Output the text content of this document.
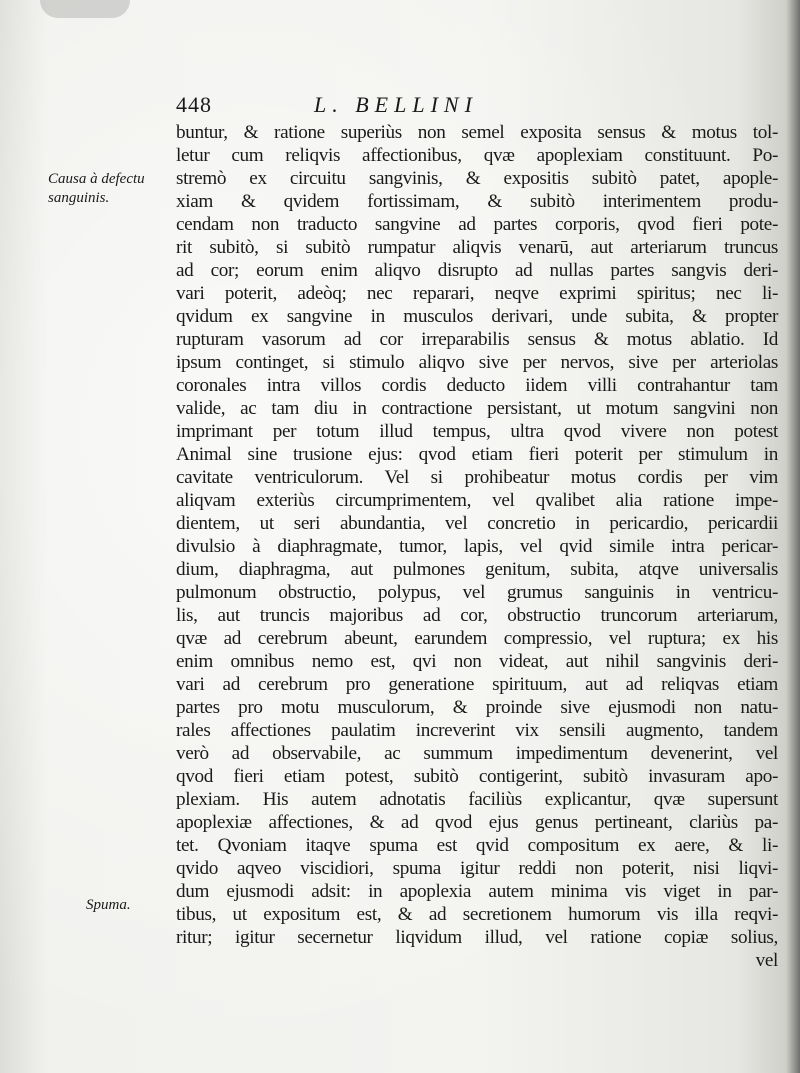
448	L. BELLINI
Causa à defectu
sanguinis.
Spuma.
buntur, & ratione superiùs non semel exposita sensus & motus tol-
letur cum reliqvis affectionibus, qvæ apoplexiam constituunt. Po-
stremò ex circuitu sangvinis, & expositis subitò patet, apople-
xiam & qvidem fortissimam, & subitò interimentem produ-
cendam non traducto sangvine ad partes corporis, qvod fieri pote-
rit subitò, si subitò rumpatur aliqvis venarū, aut arteriarum truncus
ad cor; eorum enim aliqvo disrupto ad nullas partes sangvis deri-
vari poterit, adeòq; nec reparari, neqve exprimi spiritus; nec li-
qvidum ex sangvine in musculos derivari, unde subita, & propter
rupturam vasorum ad cor irreparabilis sensus & motus ablatio. Id
ipsum continget, si stimulo aliqvo sive per nervos, sive per arteriolas
coronales intra villos cordis deducto iidem villi contrahantur tam
valide, ac tam diu in contractione persistant, ut motum sangvini non
imprimant per totum illud tempus, ultra qvod vivere non potest
Animal sine trusione ejus: qvod etiam fieri poterit per stimulum in
cavitate ventriculorum. Vel si prohibeatur motus cordis per vim
aliqvam exteriùs circumprimentem, vel qvalibet alia ratione impe-
dientem, ut seri abundantia, vel concretio in pericardio, pericardii
divulsio à diaphragmate, tumor, lapis, vel qvid simile intra pericar-
dium, diaphragma, aut pulmones genitum, subita, atqve universalis
pulmonum obstructio, polypus, vel grumus sanguinis in ventricu-
lis, aut truncis majoribus ad cor, obstructio truncorum arteriarum,
qvæ ad cerebrum abeunt, earundem compressio, vel ruptura; ex his
enim omnibus nemo est, qvi non videat, aut nihil sangvinis deri-
vari ad cerebrum pro generatione spirituum, aut ad reliqvas etiam
partes pro motu musculorum, & proinde sive ejusmodi non natu-
rales affectiones paulatim increverint vix sensili augmento, tandem
verò ad observabile, ac summum impedimentum devenerint, vel
qvod fieri etiam potest, subitò contigerint, subitò invasuram apo-
plexiam. His autem adnotatis faciliùs explicantur, qvæ supersunt
apoplexiæ affectiones, & ad qvod ejus genus pertineant, clariùs pa-
tet. Qvoniam itaqve spuma est qvid compositum ex aere, & li-
qvido aqveo viscidiori, spuma igitur reddi non poterit, nisi liqvi-
dum ejusmodi adsit: in apoplexia autem minima vis viget in par-
tibus, ut expositum est, & ad secretionem humorum vis illa reqvi-
ritur; igitur secernetur liqvidum illud, vel ratione copiæ solius,
vel
